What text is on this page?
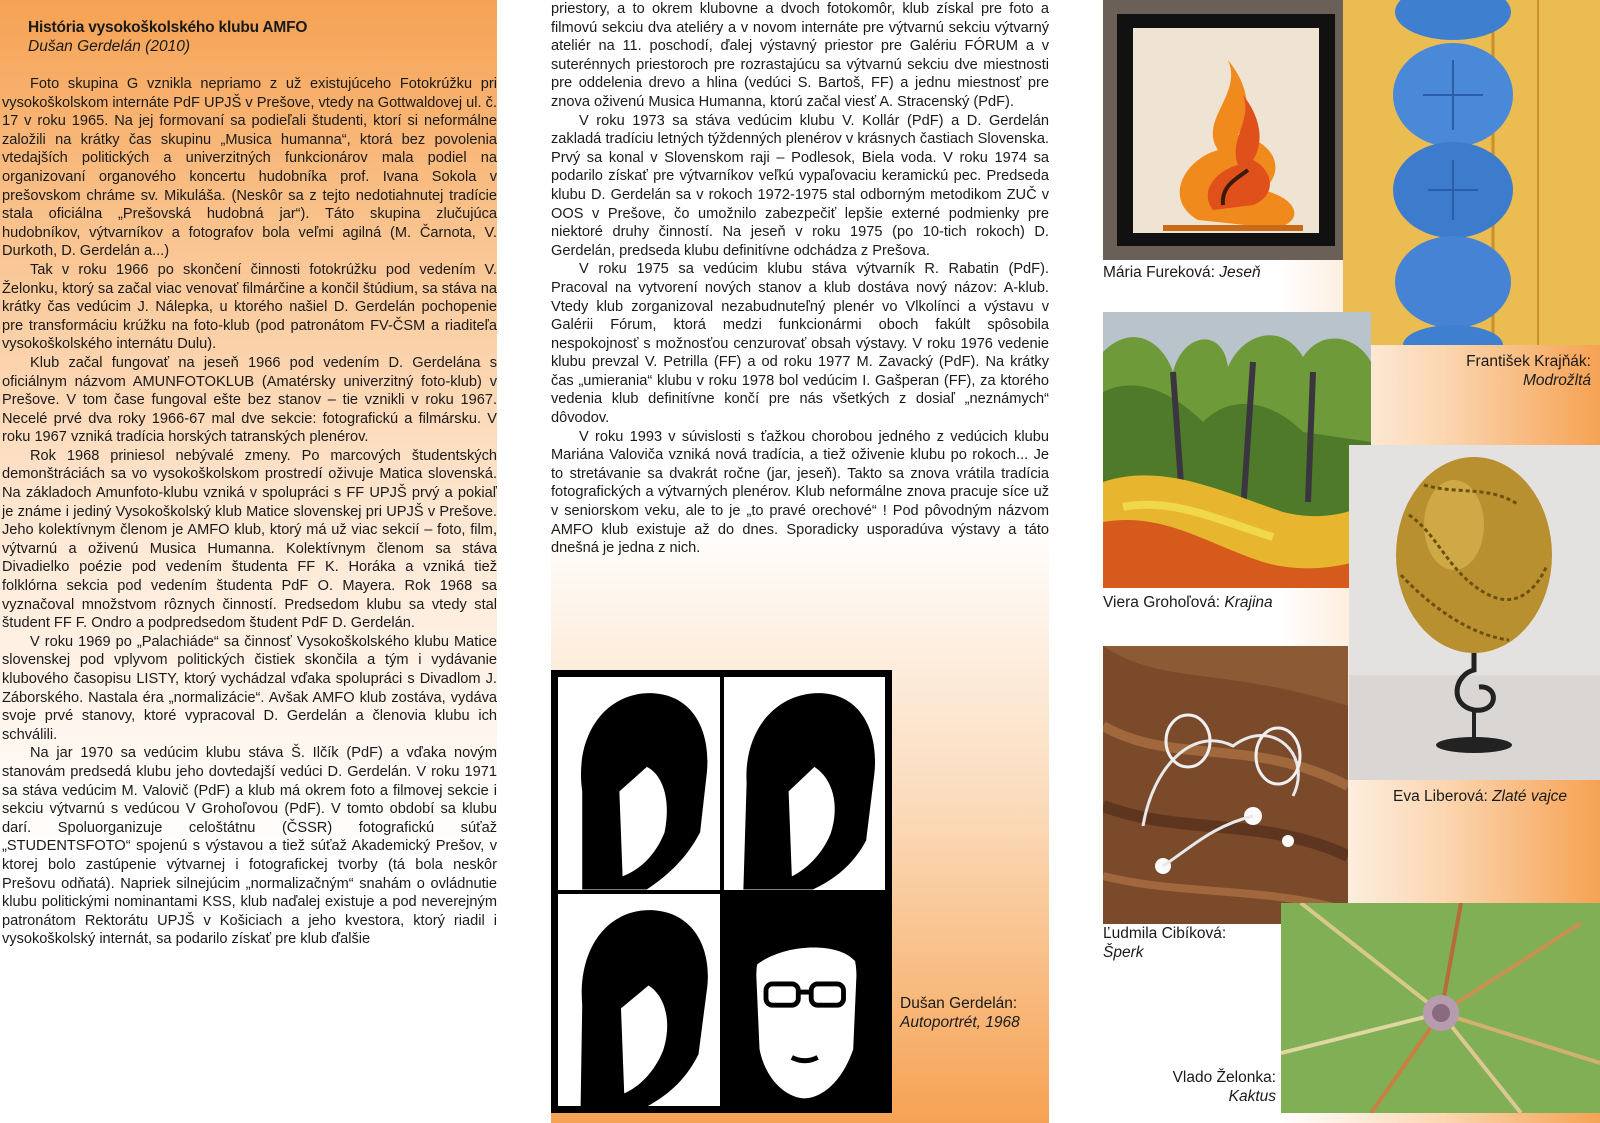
História vysokoškolského klubu AMFO
Dušan Gerdelán (2010)

Foto skupina G vznikla nepriamo z už existujúceho Fotokrúžku pri vysokoškolskom internáte PdF UPJŠ v Prešove, vtedy na Gottwaldovej ul. č. 17 v roku 1965. Na jej formovaní sa podieľali študenti, ktorí si neformálne založili na krátky čas skupinu „Musica humanna“, ktorá bez povolenia vtedajších politických a univerzitných funkcionárov mala podiel na organizovaní organového koncertu hudobníka prof. Ivana Sokola v prešovskom chráme sv. Mikuláša. (Neskôr sa z tejto nedotiahnutej tradície stala oficiálna „Prešovská hudobná jar“). Táto skupina zlučujúca hudobníkov, výtvarníkov a fotografov bola veľmi agilná (M. Čarnota, V. Durkoth, D. Gerdelán a...)

Tak v roku 1966 po skončení činnosti fotokrúžku pod vedením V. Želonku, ktorý sa začal viac venovať filmárčine a končil štúdium, sa stáva na krátky čas vedúcim J. Nálepka, u ktorého našiel D. Gerdelán pochopenie pre transformáciu krúžku na foto-klub (pod patronátom FV-ČSM a riaditeľa vysokoškolského internátu Dulu).

Klub začal fungovať na jeseň 1966 pod vedením D. Gerdelána s oficiálnym názvom AMUNFOTOKLUB (Amatérsky univerzitný foto-klub) v Prešove. V tom čase fungoval ešte bez stanov – tie vznikli v roku 1967. Necelé prvé dva roky 1966-67 mal dve sekcie: fotografickú a filmársku. V roku 1967 vzniká tradícia horských tatranských plenérov.

Rok 1968 priniesol nebývalé zmeny. Po marcových študentských demonštráciách sa vo vysokoškolskom prostredí oživuje Matica slovenská. Na základoch Amunfoto-klubu vzniká v spolupráci s FF UPJŠ prvý a pokiaľ je známe i jediný Vysokoškolský klub Matice slovenskej pri UPJŠ v Prešove. Jeho kolektívnym členom je AMFO klub, ktorý má už viac sekcií – foto, film, výtvarnú a oživenú Musica Humanna. Kolektívnym členom sa stáva Divadielko poézie pod vedením študenta FF K. Horáka a vzniká tiež folklórna sekcia pod vedením študenta PdF O. Mayera. Rok 1968 sa vyznačoval množstvom rôznych činností. Predsedom klubu sa vtedy stal študent FF F. Ondro a podpredsedom študent PdF D. Gerdelán.

V roku 1969 po „Palachiáde“ sa činnosť Vysokoškolského klubu Matice slovenskej pod vplyvom politických čistiek skončila a tým i vydávanie klubového časopisu LISTY, ktorý vychádzal vďaka spolupráci s Divadlom J. Záborského. Nastala éra „normalizácie“. Avšak AMFO klub zostáva, vydáva svoje prvé stanovy, ktoré vypracoval D. Gerdelán a členovia klubu ich schválili.

Na jar 1970 sa vedúcim klubu stáva Š. Ilčík (PdF) a vďaka novým stanovám predsedá klubu jeho dovtedajší vedúci D. Gerdelán. V roku 1971 sa stáva vedúcim M. Valovič (PdF) a klub má okrem foto a filmovej sekcie i sekciu výtvarnú s vedúcou V Grohoľovou (PdF). V tomto období sa klubu darí. Spoluorganizuje celoštátnu (ČSSR) fotografickú súťaž „STUDENTSFOTO“ spojenú s výstavou a tiež súťaž Akademický Prešov, v ktorej bolo zastúpenie výtvarnej i fotografickej tvorby (tá bola neskôr Prešovu odňatá). Napriek silnejúcim „normalizačným“ snahám o ovládnutie klubu politickými nominantami KSS, klub naďalej existuje a pod neverejným patronátom Rektorátu UPJŠ v Košiciach a jeho kvestora, ktorý riadil i vysokoškolský internát, sa podarilo získať pre klub ďalšie

priestory, a to okrem klubovne a dvoch fotokomôr, klub získal pre foto a filmovú sekciu dva ateliéry a v novom internáte pre výtvarnú sekciu výtvarný ateliér na 11. poschodí, ďalej výstavný priestor pre Galériu FÓRUM a v suterénnych priestoroch pre rozrastajúcu sa výtvarnú sekciu dve miestnosti pre oddelenia drevo a hlina (vedúci S. Bartoš, FF) a jednu miestnosť pre znova oživenú Musica Humanna, ktorú začal viesť A. Stracenský (PdF).

V roku 1973 sa stáva vedúcim klubu V. Kollár (PdF) a D. Gerdelán zakladá tradíciu letných týždenných plenérov v krásnych častiach Slovenska. Prvý sa konal v Slovenskom raji – Podlesok, Biela voda. V roku 1974 sa podarilo získať pre výtvarníkov veľkú vypaľovaciu keramickú pec. Predseda klubu D. Gerdelán sa v rokoch 1972-1975 stal odborným metodikom ZUČ v OOS v Prešove, čo umožnilo zabezpečiť lepšie externé podmienky pre niektoré druhy činností. Na jeseň v roku 1975 (po 10-tich rokoch) D. Gerdelán, predseda klubu definitívne odchádza z Prešova.

V roku 1975 sa vedúcim klubu stáva výtvarník R. Rabatin (PdF). Pracoval na vytvorení nových stanov a klub dostáva nový názov: A-klub. Vtedy klub zorganizoval nezabudnuteľný plenér vo Vlkolínci a výstavu v Galérii Fórum, ktorá medzi funkcionármi oboch fakúlt spôsobila nespokojnosť s možnosťou cenzurovať obsah výstavy. V roku 1976 vedenie klubu prevzal V. Petrilla (FF) a od roku 1977 M. Zavacký (PdF). Na krátky čas „umierania“ klubu v roku 1978 bol vedúcim I. Gašperan (FF), za ktorého vedenia klub definitívne končí pre nás všetkých z dosiaľ „neznámych“ dôvodov.

V roku 1993 v súvislosti s ťažkou chorobou jedného z vedúcich klubu Mariána Valoviča vzniká nová tradícia, a tiež oživenie klubu po rokoch... Je to stretávanie sa dvakrát ročne (jar, jeseň). Takto sa znova vrátila tradícia fotografických a výtvarných plenérov. Klub neformálne znova pracuje síce už v seniorskom veku, ale to je „to pravé orechové“ ! Pod pôvodným názvom AMFO klub existuje až do dnes. Sporadicky usporadúva výstavy a táto dnešná je jedna z nich.

Dušan Gerdelán:
Autoportrét, 1968
Mária Fureková: Jeseň
František Krajňák:
Modrožltá
Viera Grohoľová: Krajina
Eva Liberová: Zlaté vajce
Ľudmila Cibíková:
Šperk
Vlado Želonka:
Kaktus
